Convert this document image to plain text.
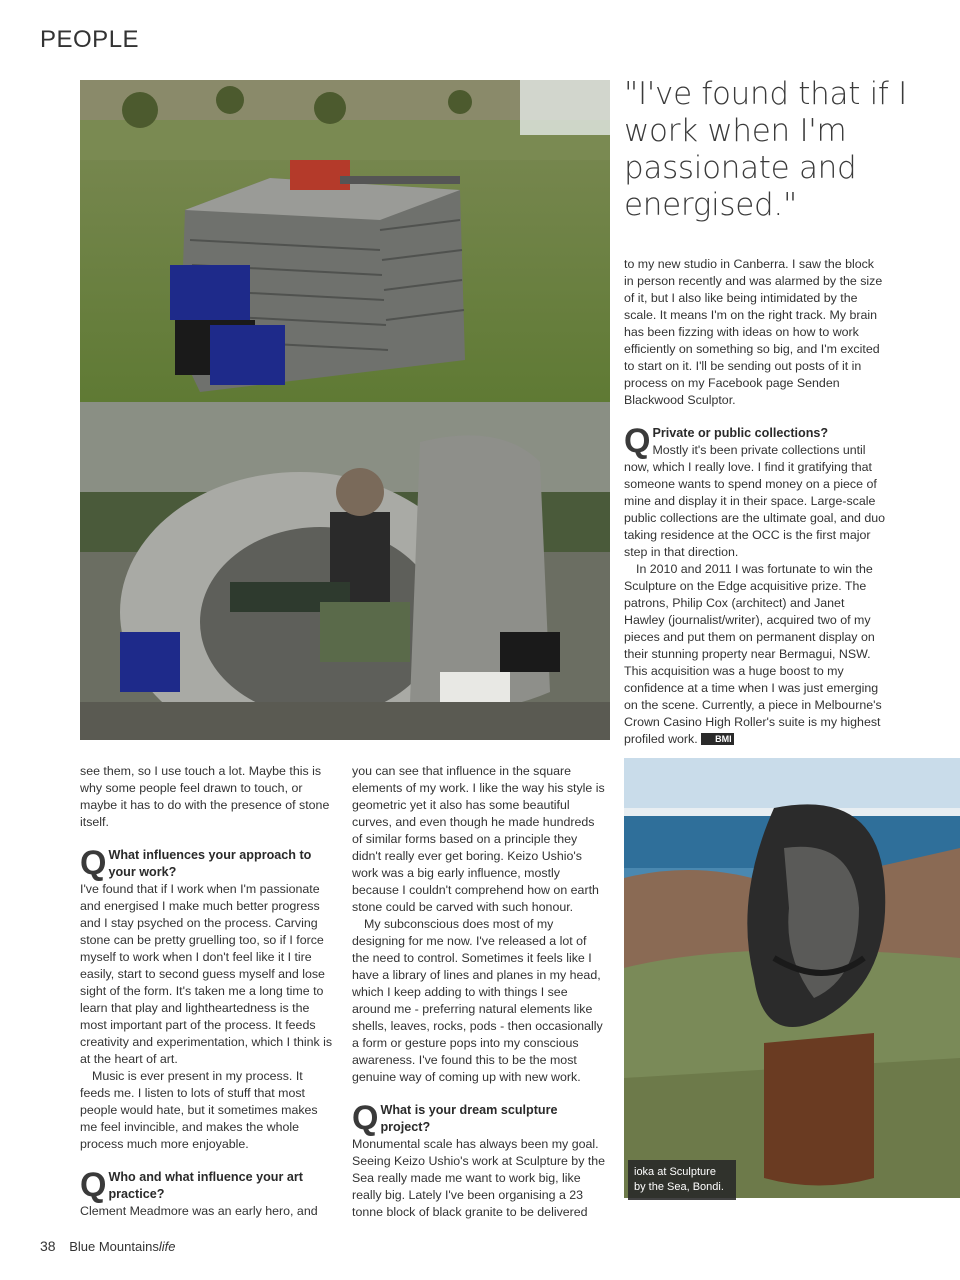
PEOPLE
"I've found that if I work when I'm passionate and energised."

to my new studio in Canberra. I saw the block in person recently and was alarmed by the size of it, but I also like being intimidated by the scale. It means I'm on the right track. My brain has been fizzing with ideas on how to work efficiently on something so big, and I'm excited to start on it. I'll be sending out posts of it in process on my Facebook page Senden Blackwood Sculptor.

Q Private or public collections?

Mostly it's been private collections until now, which I really love. I find it gratifying that someone wants to spend money on a piece of mine and display it in their space. Large-scale public collections are the ultimate goal, and duo taking residence at the OCC is the first major step in that direction.

In 2010 and 2011 I was fortunate to win the Sculpture on the Edge acquisitive prize. The patrons, Philip Cox (architect) and Janet Hawley (journalist/writer), acquired two of my pieces and put them on permanent display on their stunning property near Bermagui, NSW. This acquisition was a huge boost to my confidence at a time when I was just emerging on the scene. Currently, a piece in Melbourne's Crown Casino High Roller's suite is my highest profiled work. BMl

see them, so I use touch a lot. Maybe this is why some people feel drawn to touch, or maybe it has to do with the presence of stone itself.

Q What influences your approach to your work?

I've found that if I work when I'm passionate and energised I make much better progress and I stay psyched on the process. Carving stone can be pretty gruelling too, so if I force myself to work when I don't feel like it I tire easily, start to second guess myself and lose sight of the form. It's taken me a long time to learn that play and lightheartedness is the most important part of the process. It feeds creativity and experimentation, which I think is at the heart of art.

Music is ever present in my process. It feeds me. I listen to lots of stuff that most people would hate, but it sometimes makes me feel invincible, and makes the whole process much more enjoyable.

Q Who and what influence your art practice?

Clement Meadmore was an early hero, and

you can see that influence in the square elements of my work. I like the way his style is geometric yet it also has some beautiful curves, and even though he made hundreds of similar forms based on a principle they didn't really ever get boring. Keizo Ushio's work was a big early influence, mostly because I couldn't comprehend how on earth stone could be carved with such honour.

My subconscious does most of my designing for me now. I've released a lot of the need to control. Sometimes it feels like I have a library of lines and planes in my head, which I keep adding to with things I see around me - preferring natural elements like shells, leaves, rocks, pods - then occasionally a form or gesture pops into my conscious awareness. I've found this to be the most genuine way of coming up with new work.

Q What is your dream sculpture project?

Monumental scale has always been my goal. Seeing Keizo Ushio's work at Sculpture by the Sea really made me want to work big, like really big. Lately I've been organising a 23 tonne block of black granite to be delivered

ioka at Sculpture by the Sea, Bondi.
38 Blue Mountainslife
